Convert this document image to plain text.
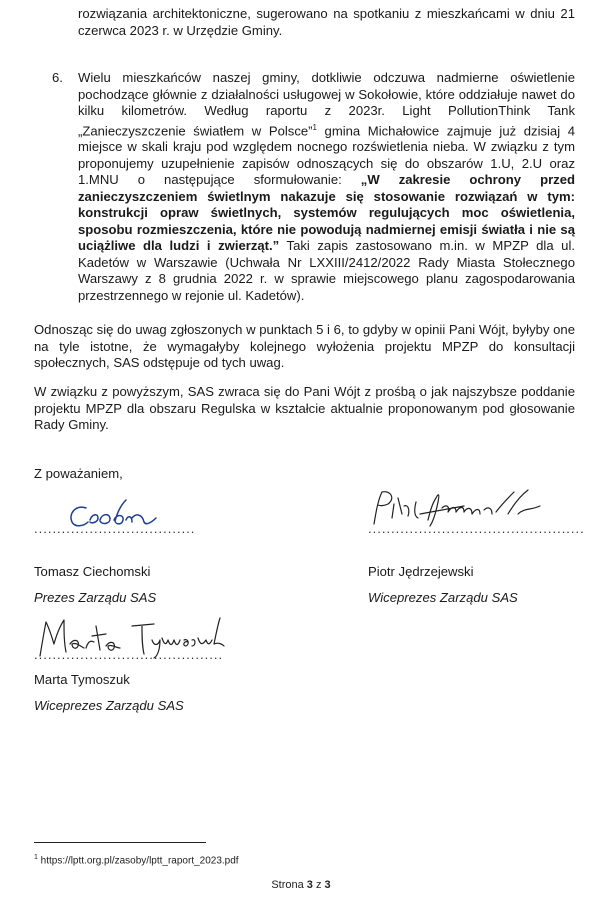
rozwiązania architektoniczne, sugerowano na spotkaniu z mieszkańcami w dniu 21 czerwca 2023 r. w Urzędzie Gminy.

6. Wielu mieszkańców naszej gminy, dotkliwie odczuwa nadmierne oświetlenie pochodzące głównie z działalności usługowej w Sokołowie, które oddziałuje nawet do kilku kilometrów. Według raportu z 2023r. Light PollutionThink Tank „Zanieczyszczenie światłem w Polsce”$^1$ gmina Michałowice zajmuje już dzisiaj 4 miejsce w skali kraju pod względem nocnego rozświetlenia nieba. W związku z tym proponujemy uzupełnienie zapisów odnoszących się do obszarów 1.U, 2.U oraz 1.MNU o następujące sformułowanie: „W zakresie ochrony przed zanieczyszczeniem świetlnym nakazuje się stosowanie rozwiązań w tym: konstrukcji opraw świetlnych, systemów regulujących moc oświetlenia, sposobu rozmieszczenia, które nie powodują nadmiernej emisji światła i nie są uciążliwe dla ludzi i zwierząt.” Taki zapis zastosowano m.in. w MPZP dla ul. Kadetów w Warszawie (Uchwała Nr LXXIII/2412/2022 Rady Miasta Stołecznego Warszawy z 8 grudnia 2022 r. w sprawie miejscowego planu zagospodarowania przestrzennego w rejonie ul. Kadetów).

Odnosząc się do uwag zgłoszonych w punktach 5 i 6, to gdyby w opinii Pani Wójt, byłyby one na tyle istotne, że wymagałyby kolejnego wyłożenia projektu MPZP do konsultacji społecznych, SAS odstępuje od tych uwag.

W związku z powyższym, SAS zwraca się do Pani Wójt z prośbą o jak najszybsze poddanie projektu MPZP dla obszaru Regulska w kształcie aktualnie proponowanym pod głosowanie Rady Gminy.

Z poważaniem,

...................................	...............................................

Tomasz Ciechomski	Piotr Jędrzejewski

Prezes Zarządu SAS	Wiceprezes Zarządu SAS

.........................................

Marta Tymoszuk

Wiceprezes Zarządu SAS

$^1$ https://lptt.org.pl/zasoby/lptt_raport_2023.pdf

Strona 3 z 3
